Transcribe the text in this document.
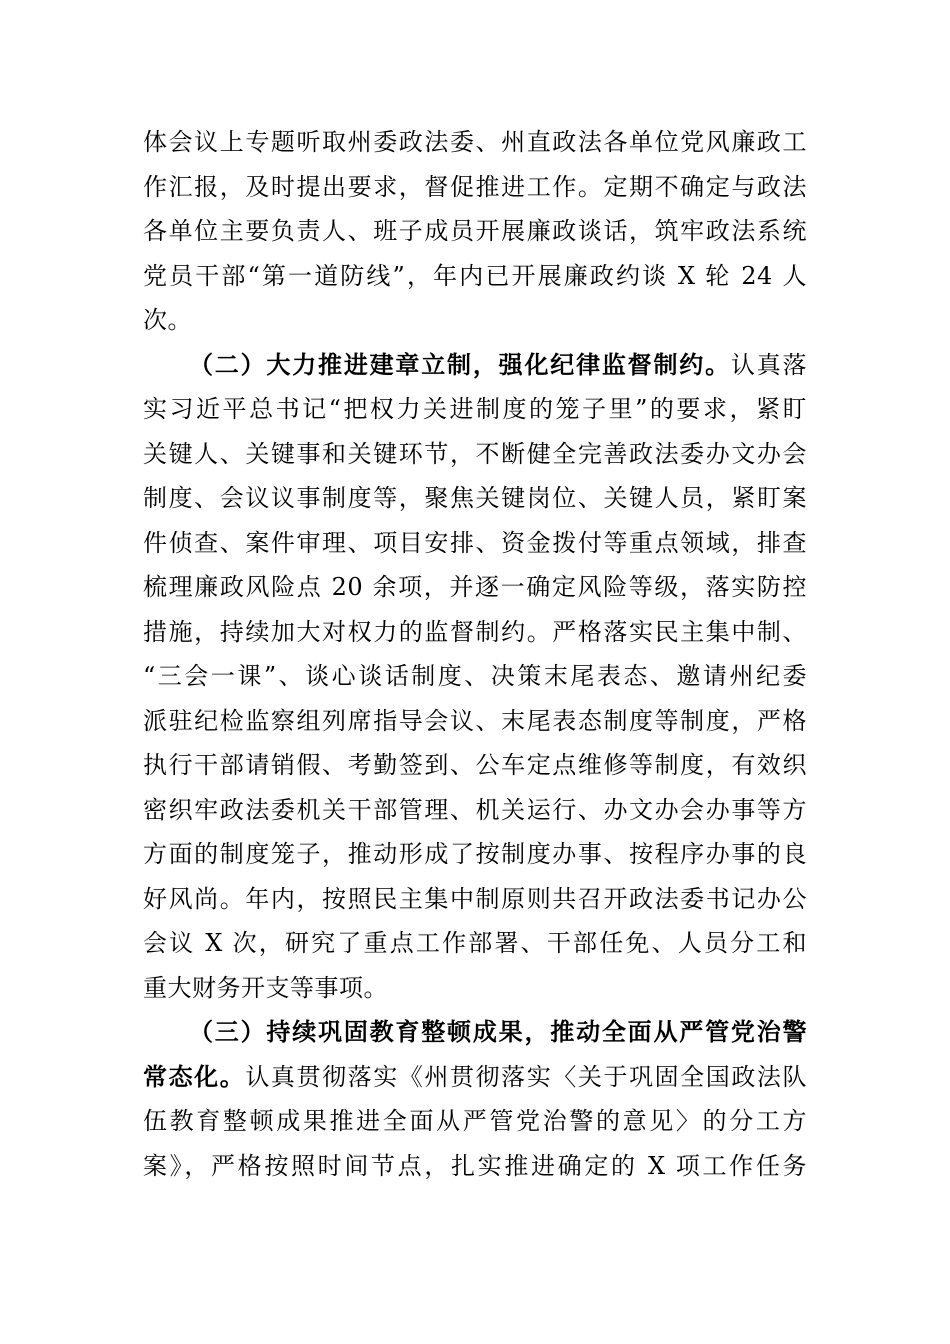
体会议上专题听取州委政法委、州直政法各单位党风廉政工
作汇报，及时提出要求，督促推进工作。定期不确定与政法
各单位主要负责人、班子成员开展廉政谈话，筑牢政法系统
党员干部“第一道防线”，年内已开展廉政约谈 X 轮 24 人
次。
（二）大力推进建章立制，强化纪律监督制约。认真落
实习近平总书记“把权力关进制度的笼子里”的要求，紧盯
关键人、关键事和关键环节，不断健全完善政法委办文办会
制度、会议议事制度等，聚焦关键岗位、关键人员，紧盯案
件侦查、案件审理、项目安排、资金拨付等重点领域，排查
梳理廉政风险点 20 余项，并逐一确定风险等级，落实防控
措施，持续加大对权力的监督制约。严格落实民主集中制、
“三会一课”、谈心谈话制度、决策末尾表态、邀请州纪委
派驻纪检监察组列席指导会议、末尾表态制度等制度，严格
执行干部请销假、考勤签到、公车定点维修等制度，有效织
密织牢政法委机关干部管理、机关运行、办文办会办事等方
方面的制度笼子，推动形成了按制度办事、按程序办事的良
好风尚。年内，按照民主集中制原则共召开政法委书记办公
会议 X 次，研究了重点工作部署、干部任免、人员分工和
重大财务开支等事项。
（三）持续巩固教育整顿成果，推动全面从严管党治警
常态化。认真贯彻落实《州贯彻落实〈关于巩固全国政法队
伍教育整顿成果推进全面从严管党治警的意见〉的分工方
案》，严格按照时间节点，扎实推进确定的 X 项工作任务
